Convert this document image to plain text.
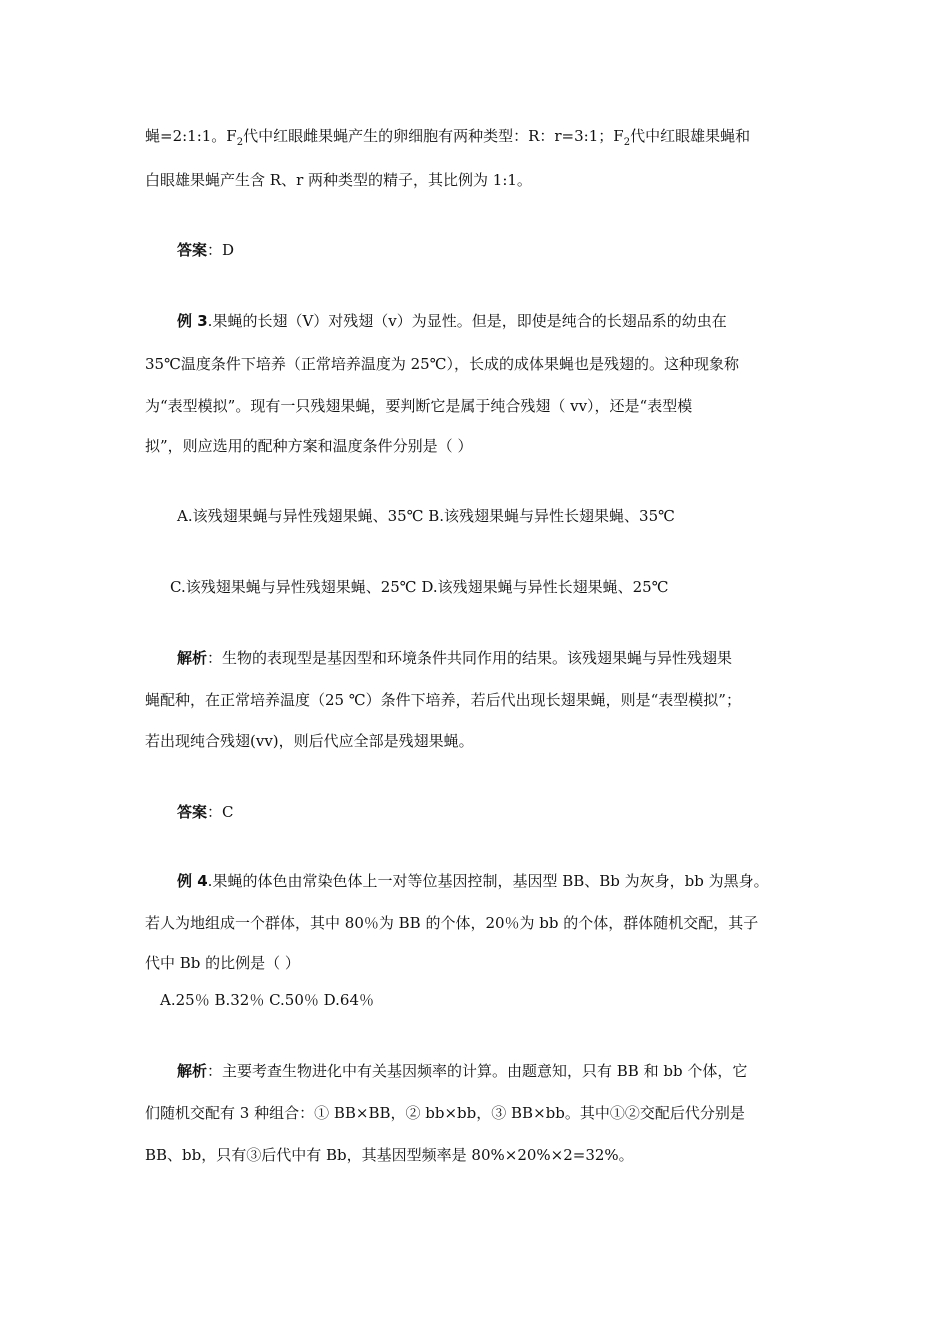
蝇=2:1:1。$F_2$代中红眼雌果蝇产生的卵细胞有两种类型：R：r=3:1；$F_2$代中红眼雄果蝇和
白眼雄果蝇产生含 R、r 两种类型的精子，其比例为 1:1。
答案：D
例 3.果蝇的长翅（V）对残翅（v）为显性。但是，即使是纯合的长翅品系的幼虫在
35℃温度条件下培养（正常培养温度为 25℃），长成的成体果蝇也是残翅的。这种现象称
为“表型模拟”。现有一只残翅果蝇，要判断它是属于纯合残翅（ vv），还是“表型模
拟”，则应选用的配种方案和温度条件分别是（ ）
A.该残翅果蝇与异性残翅果蝇、35℃ B.该残翅果蝇与异性长翅果蝇、35℃
C.该残翅果蝇与异性残翅果蝇、25℃ D.该残翅果蝇与异性长翅果蝇、25℃
解析：生物的表现型是基因型和环境条件共同作用的结果。该残翅果蝇与异性残翅果
蝇配种，在正常培养温度（25 ℃）条件下培养，若后代出现长翅果蝇，则是“表型模拟”；
若出现纯合残翅(vv)，则后代应全部是残翅果蝇。
答案：C
例 4.果蝇的体色由常染色体上一对等位基因控制，基因型 BB、Bb 为灰身，bb 为黑身。
若人为地组成一个群体，其中 80％为 BB 的个体，20％为 bb 的个体，群体随机交配，其子
代中 Bb 的比例是（ ）
A.25％ B.32％ C.50％ D.64％
解析：主要考查生物进化中有关基因频率的计算。由题意知，只有 BB 和 bb 个体，它
们随机交配有 3 种组合：① BB×BB，② bb×bb，③ BB×bb。其中①②交配后代分别是
BB、bb，只有③后代中有 Bb，其基因型频率是 80%×20%×2=32%。
